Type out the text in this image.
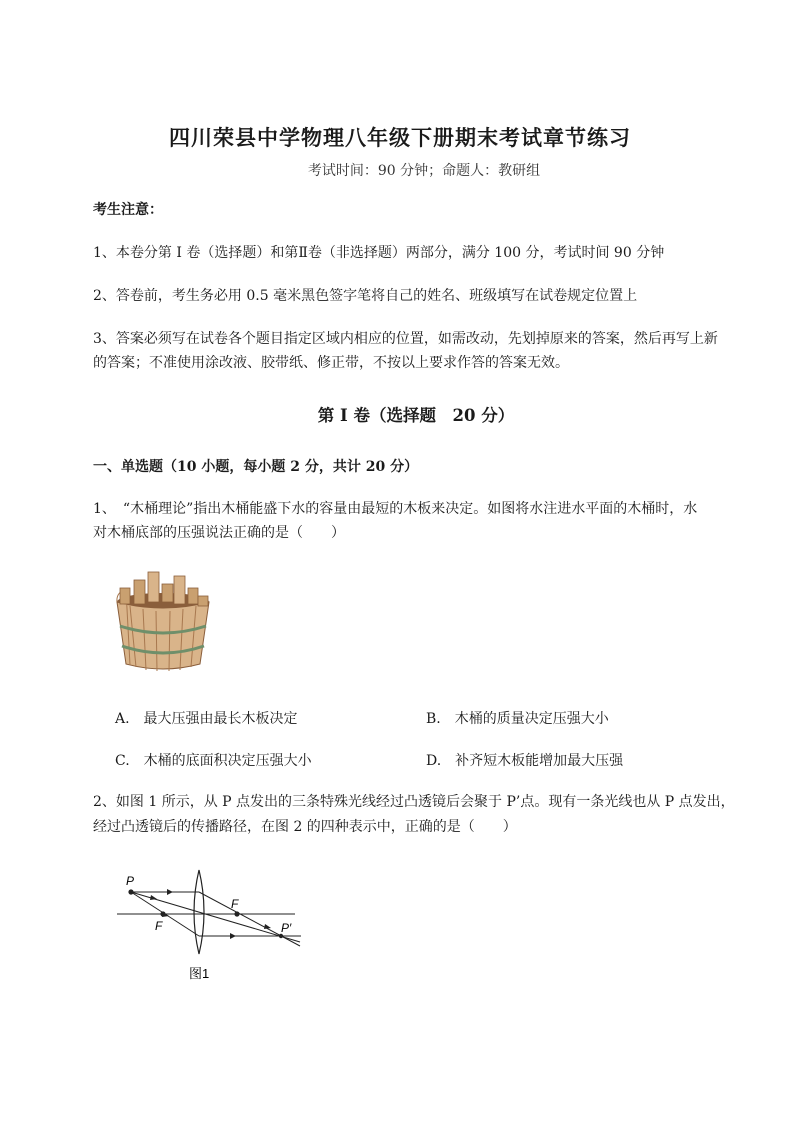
四川荣县中学物理八年级下册期末考试章节练习
考试时间：90 分钟；命题人：教研组
考生注意：
1、本卷分第 I 卷（选择题）和第Ⅱ卷（非选择题）两部分，满分 100 分，考试时间 90 分钟
2、答卷前，考生务必用 0.5 毫米黑色签字笔将自己的姓名、班级填写在试卷规定位置上
3、答案必须写在试卷各个题目指定区域内相应的位置，如需改动，先划掉原来的答案，然后再写上新
的答案；不准使用涂改液、胶带纸、修正带，不按以上要求作答的答案无效。
第 I 卷（选择题　20 分）
一、单选题（10 小题，每小题 2 分，共计 20 分）
1、　“木桶理论”指出木桶能盛下水的容量由最短的木板来决定。如图将水注进水平面的木桶时，水
对木桶底部的压强说法正确的是（　　）
A.　最大压强由最长木板决定	B.　木桶的质量决定压强大小
C.　木桶的底面积决定压强大小	D.　补齐短木板能增加最大压强
2、如图 1 所示，从 P 点发出的三条特殊光线经过凸透镜后会聚于 P’点。现有一条光线也从 P 点发出，
经过凸透镜后的传播路径，在图 2 的四种表示中，正确的是（　　）
P
F
F
P′
图1
